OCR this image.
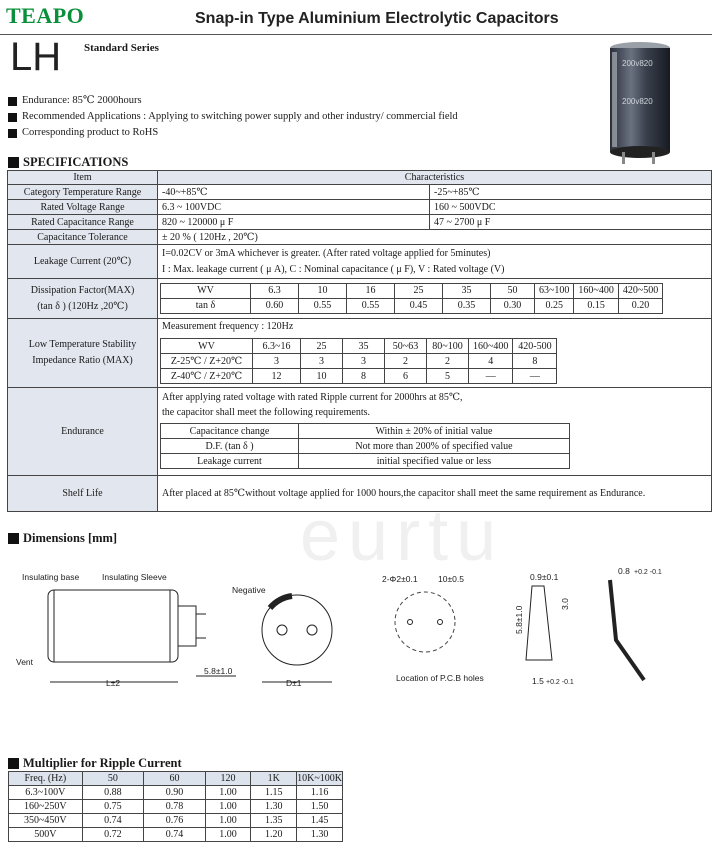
eurtu
TEAPO	Snap-in Type Aluminium Electrolytic Capacitors
LH Standard Series
200v820
200v820
Endurance: 85℃ 2000hours
Recommended Applications : Applying to switching power supply and other industry/ commercial field
Corresponding product to RoHS
SPECIFICATIONS
Item	Characteristics
Category Temperature Range	-40~+85℃	-25~+85℃
Rated Voltage Range	6.3 ~ 100VDC	160 ~ 500VDC
Rated Capacitance Range	820 ~ 120000 μ F	47 ~ 2700 μ F
Capacitance Tolerance	± 20 % ( 120Hz , 20℃)
Leakage Current (20℃)	
I=0.02CV or 3mA whichever is greater. (After rated voltage applied for 5minutes)
I : Max. leakage current ( μ A), C : Nominal capacitance ( μ F), V : Rated voltage (V)

Dissipation Factor(MAX)
(tan δ ) (120Hz ,20℃)

WV	6.3	10	16	25	35	50	63~100	160~400	420~500
tan δ	0.60	0.55	0.55	0.45	0.35	0.30	0.25	0.15	0.20

Low Temperature Stability
Impedance Ratio (MAX)

Measurement frequency : 120Hz
WV	6.3~16	25	35	50~63	80~100	160~400	420-500
Z-25℃ / Z+20℃	3	3	3	2	2	4	8
Z-40℃ / Z+20℃	12	10	8	6	5	—	—

Endurance	
After applying rated voltage with rated Ripple current for 2000hrs at 85℃,
the capacitor shall meet the following requirements.
Capacitance change	Within ± 20% of initial value
D.F. (tan δ )	Not more than 200% of specified value
Leakage current	initial specified value or less

Shelf Life	After placed at 85℃without voltage applied for 1000 hours,the capacitor shall meet the same requirement as Endurance.
Dimensions [mm]
Insulating base	Insulating Sleeve
Vent
L±2
5.8±1.0
Negative
D±1
2-Φ2±0.1 10±0.5
Location of P.C.B holes
0.9±0.1
5.8±1.0
3.0
1.5 +0.2 -0.1
0.8 +0.2 -0.1
Multiplier for Ripple Current
Freq. (Hz)	50	60	120	1K	10K~100K
6.3~100V	0.88	0.90	1.00	1.15	1.16
160~250V	0.75	0.78	1.00	1.30	1.50
350~450V	0.74	0.76	1.00	1.35	1.45
500V	0.72	0.74	1.00	1.20	1.30
